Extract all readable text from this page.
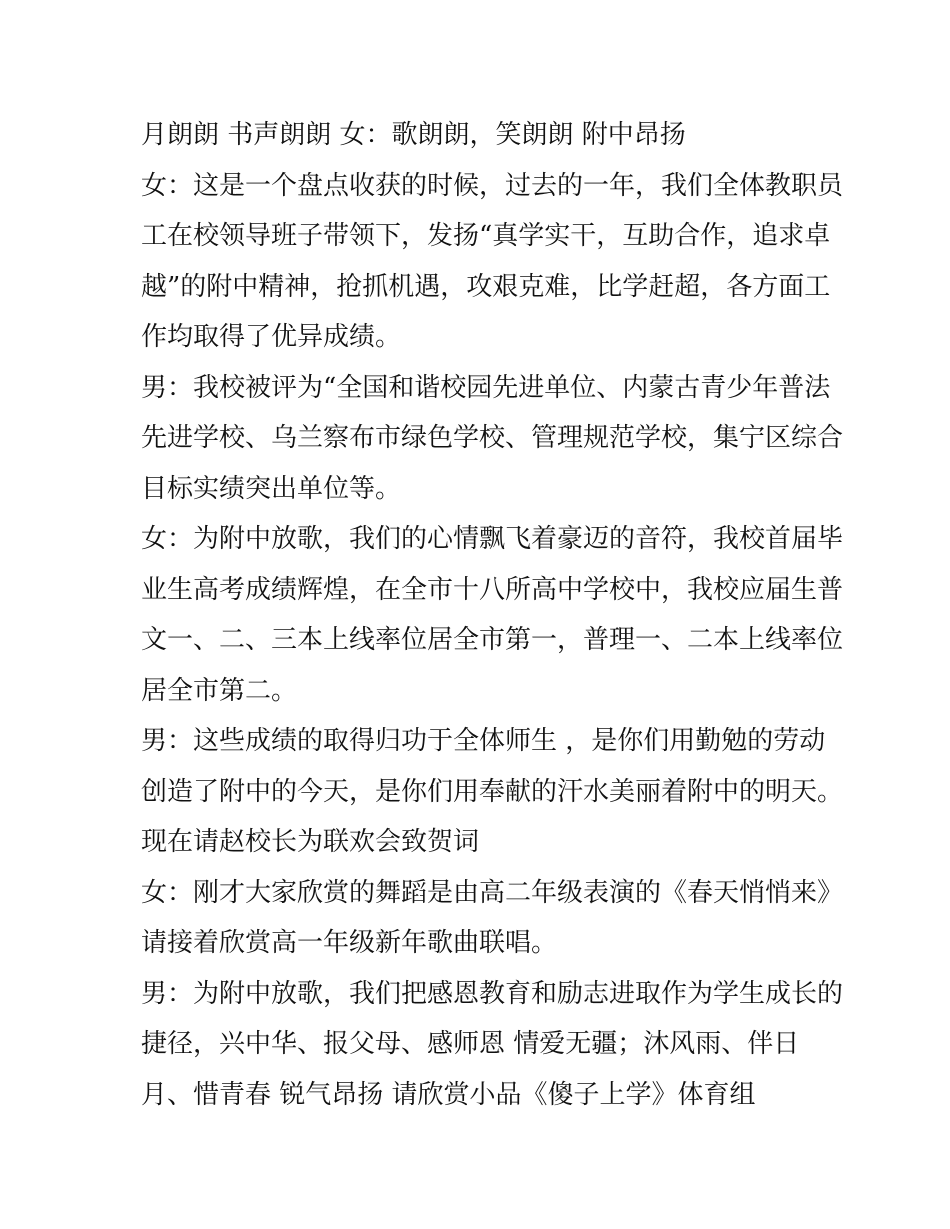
月朗朗 书声朗朗 女：歌朗朗，笑朗朗 附中昂扬
女：这是一个盘点收获的时候，过去的一年，我们全体教职员
工在校领导班子带领下，发扬“真学实干，互助合作，追求卓
越”的附中精神，抢抓机遇，攻艰克难，比学赶超，各方面工
作均取得了优异成绩。
男：我校被评为“全国和谐校园先进单位、内蒙古青少年普法
先进学校、乌兰察布市绿色学校、管理规范学校，集宁区综合
目标实绩突出单位等。
女：为附中放歌，我们的心情飘飞着豪迈的音符，我校首届毕
业生高考成绩辉煌，在全市十八所高中学校中，我校应届生普
文一、二、三本上线率位居全市第一，普理一、二本上线率位
居全市第二。
男：这些成绩的取得归功于全体师生 ，是你们用勤勉的劳动
创造了附中的今天，是你们用奉献的汗水美丽着附中的明天。
现在请赵校长为联欢会致贺词
女：刚才大家欣赏的舞蹈是由高二年级表演的《春天悄悄来》
请接着欣赏高一年级新年歌曲联唱。
男：为附中放歌，我们把感恩教育和励志进取作为学生成长的
捷径，兴中华、报父母、感师恩 情爱无疆；沐风雨、伴日
月、惜青春 锐气昂扬 请欣赏小品《傻子上学》体育组
